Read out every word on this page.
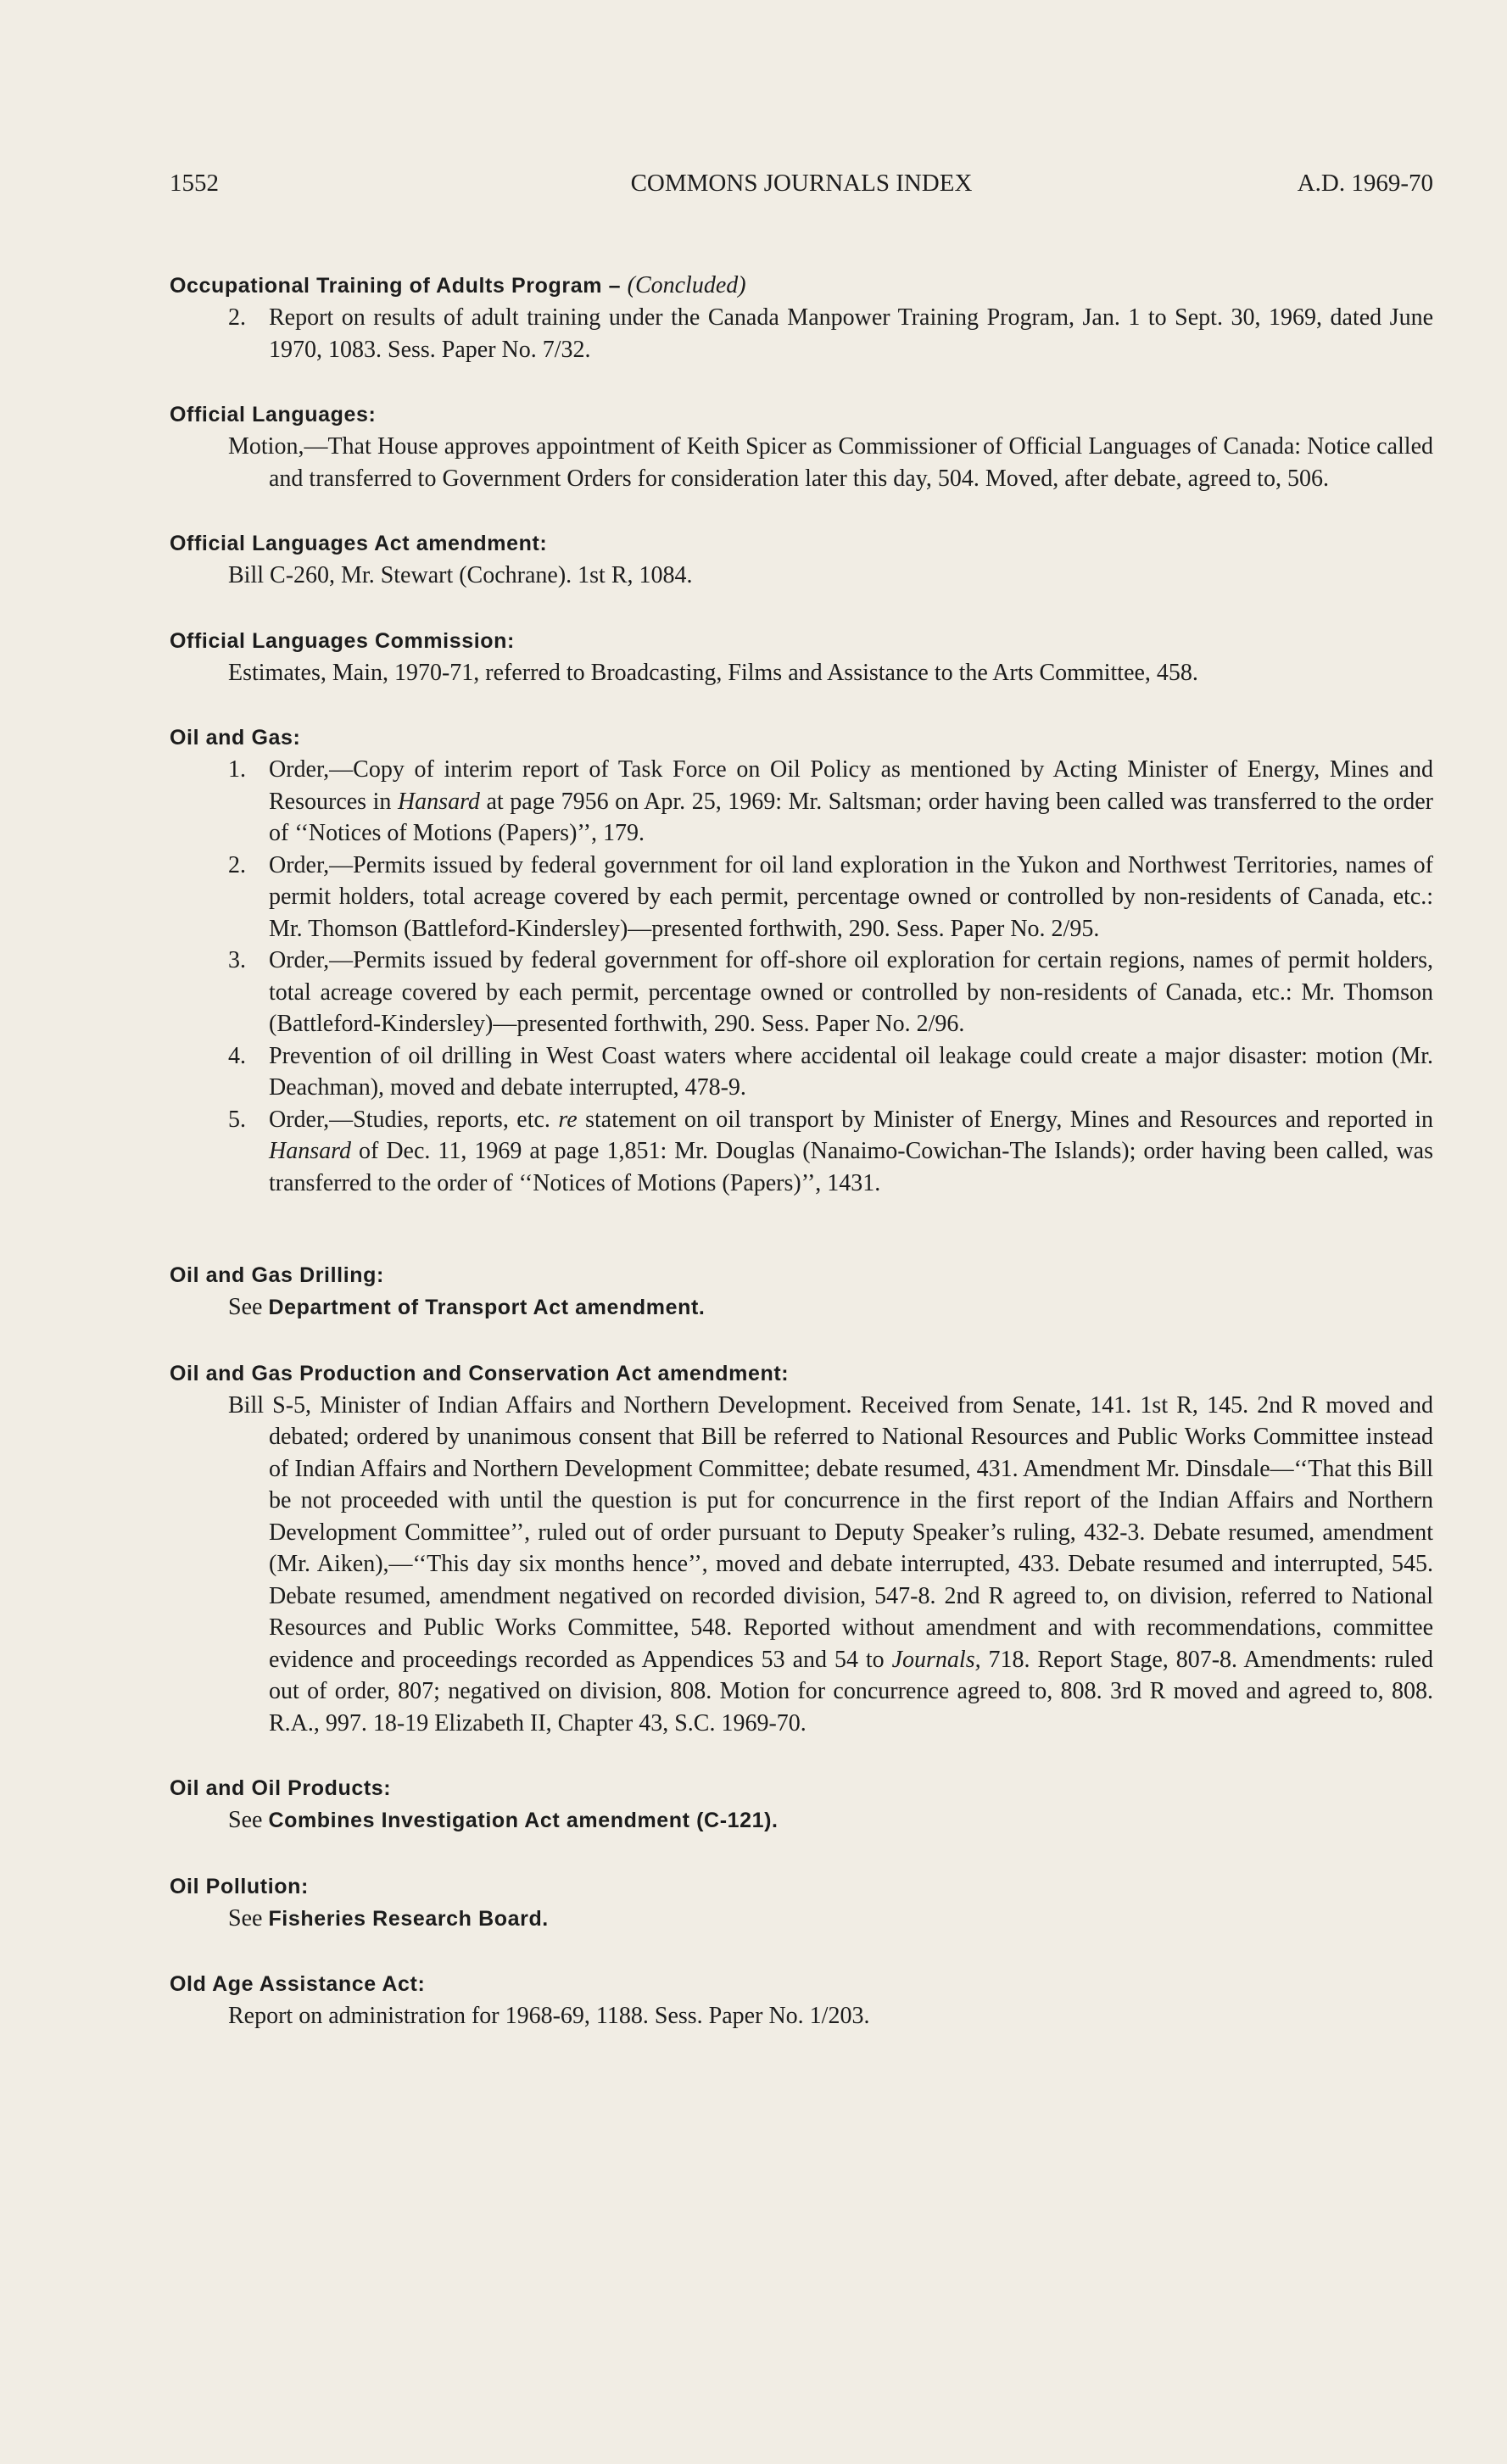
1552	COMMONS JOURNALS INDEX	A.D. 1969-70
Occupational Training of Adults Program – (Concluded)
2. Report on results of adult training under the Canada Manpower Training Program, Jan. 1 to Sept. 30, 1969, dated June 1970, 1083. Sess. Paper No. 7/32.
Official Languages:
Motion,—That House approves appointment of Keith Spicer as Commissioner of Official Languages of Canada: Notice called and transferred to Government Orders for consideration later this day, 504. Moved, after debate, agreed to, 506.
Official Languages Act amendment:
Bill C-260, Mr. Stewart (Cochrane). 1st R, 1084.
Official Languages Commission:
Estimates, Main, 1970-71, referred to Broadcasting, Films and Assistance to the Arts Committee, 458.
Oil and Gas:
1. Order,—Copy of interim report of Task Force on Oil Policy as mentioned by Acting Minister of Energy, Mines and Resources in Hansard at page 7956 on Apr. 25, 1969: Mr. Saltsman; order having been called was transferred to the order of ‘‘Notices of Motions (Papers)’’, 179.
2. Order,—Permits issued by federal government for oil land exploration in the Yukon and Northwest Territories, names of permit holders, total acreage covered by each permit, percentage owned or controlled by non-residents of Canada, etc.: Mr. Thomson (Battleford-Kindersley)—presented forthwith, 290. Sess. Paper No. 2/95.
3. Order,—Permits issued by federal government for off-shore oil exploration for certain regions, names of permit holders, total acreage covered by each permit, percentage owned or controlled by non-residents of Canada, etc.: Mr. Thomson (Battleford-Kindersley)—presented forthwith, 290. Sess. Paper No. 2/96.
4. Prevention of oil drilling in West Coast waters where accidental oil leakage could create a major disaster: motion (Mr. Deachman), moved and debate interrupted, 478-9.
5. Order,—Studies, reports, etc. re statement on oil transport by Minister of Energy, Mines and Resources and reported in Hansard of Dec. 11, 1969 at page 1,851: Mr. Douglas (Nanaimo-Cowichan-The Islands); order having been called, was transferred to the order of ‘‘Notices of Motions (Papers)’’, 1431.
Oil and Gas Drilling:
See Department of Transport Act amendment.
Oil and Gas Production and Conservation Act amendment:
Bill S-5, Minister of Indian Affairs and Northern Development. Received from Senate, 141. 1st R, 145. 2nd R moved and debated; ordered by unanimous consent that Bill be referred to National Resources and Public Works Committee instead of Indian Affairs and Northern Development Committee; debate resumed, 431. Amendment Mr. Dinsdale—‘‘That this Bill be not proceeded with until the question is put for concurrence in the first report of the Indian Affairs and Northern Development Committee’’, ruled out of order pursuant to Deputy Speaker’s ruling, 432-3. Debate resumed, amendment (Mr. Aiken),—‘‘This day six months hence’’, moved and debate interrupted, 433. Debate resumed and interrupted, 545. Debate resumed, amendment negatived on recorded division, 547-8. 2nd R agreed to, on division, referred to National Resources and Public Works Committee, 548. Reported without amendment and with recommendations, committee evidence and proceedings recorded as Appendices 53 and 54 to Journals, 718. Report Stage, 807-8. Amendments: ruled out of order, 807; negatived on division, 808. Motion for concurrence agreed to, 808. 3rd R moved and agreed to, 808. R.A., 997. 18-19 Elizabeth II, Chapter 43, S.C. 1969-70.
Oil and Oil Products:
See Combines Investigation Act amendment (C-121).
Oil Pollution:
See Fisheries Research Board.
Old Age Assistance Act:
Report on administration for 1968-69, 1188. Sess. Paper No. 1/203.
